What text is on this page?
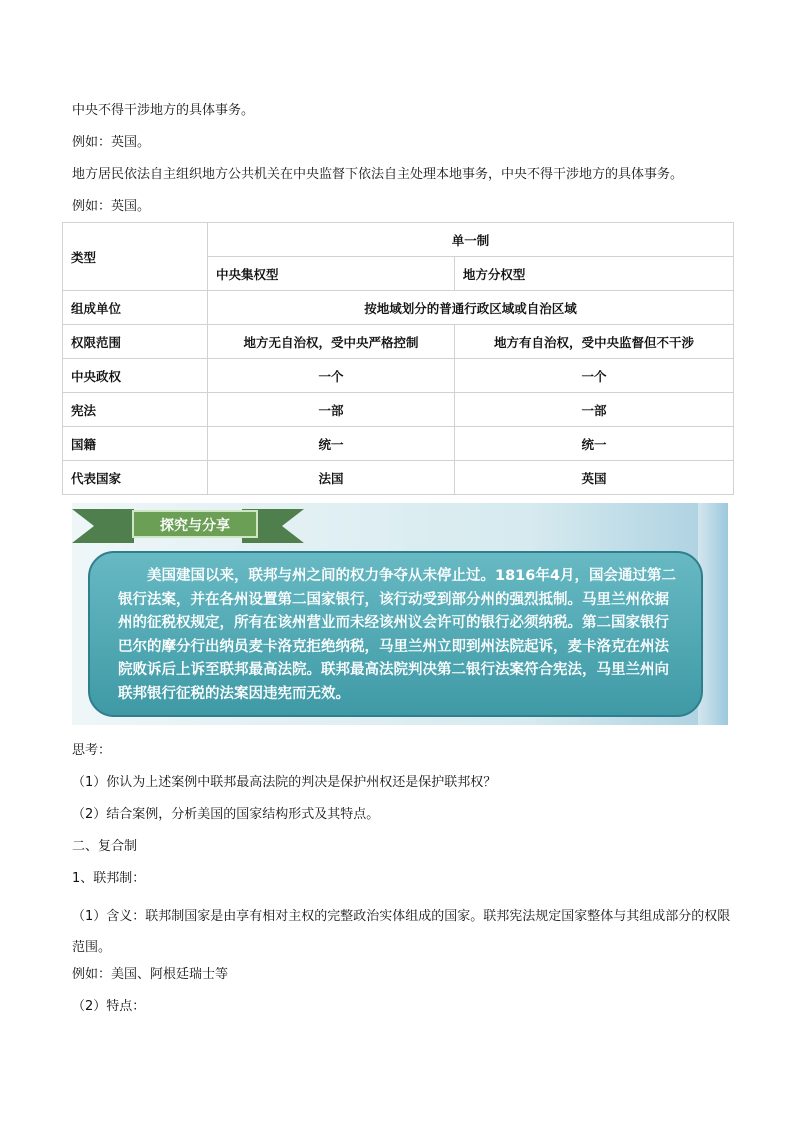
中央不得干涉地方的具体事务。

例如：英国。

地方居民依法自主组织地方公共机关在中央监督下依法自主处理本地事务，中央不得干涉地方的具体事务。

例如：英国。

类型	单一制	
	中央集权型	地方分权型
组成单位	按地域划分的普通行政区域或自治区域	
权限范围	地方无自治权，受中央严格控制	地方有自治权，受中央监督但不干涉
中央政权	一个	一个
宪法	一部	一部
国籍	统一	统一
代表国家	法国	英国
探究与分享
美国建国以来，联邦与州之间的权力争夺从未停止过。1816年4月，国会通过第二银行法案，并在各州设置第二国家银行，该行动受到部分州的强烈抵制。马里兰州依据州的征税权规定，所有在该州营业而未经该州议会许可的银行必须纳税。第二国家银行巴尔的摩分行出纳员麦卡洛克拒绝纳税，马里兰州立即到州法院起诉，麦卡洛克在州法院败诉后上诉至联邦最高法院。联邦最高法院判决第二银行法案符合宪法，马里兰州向联邦银行征税的法案因违宪而无效。

思考：

（1）你认为上述案例中联邦最高法院的判决是保护州权还是保护联邦权？

（2）结合案例，分析美国的国家结构形式及其特点。

二、复合制

1、联邦制：

（1）含义：联邦制国家是由享有相对主权的完整政治实体组成的国家。联邦宪法规定国家整体与其组成部分的权限范围。

例如：美国、阿根廷瑞士等

（2）特点：
